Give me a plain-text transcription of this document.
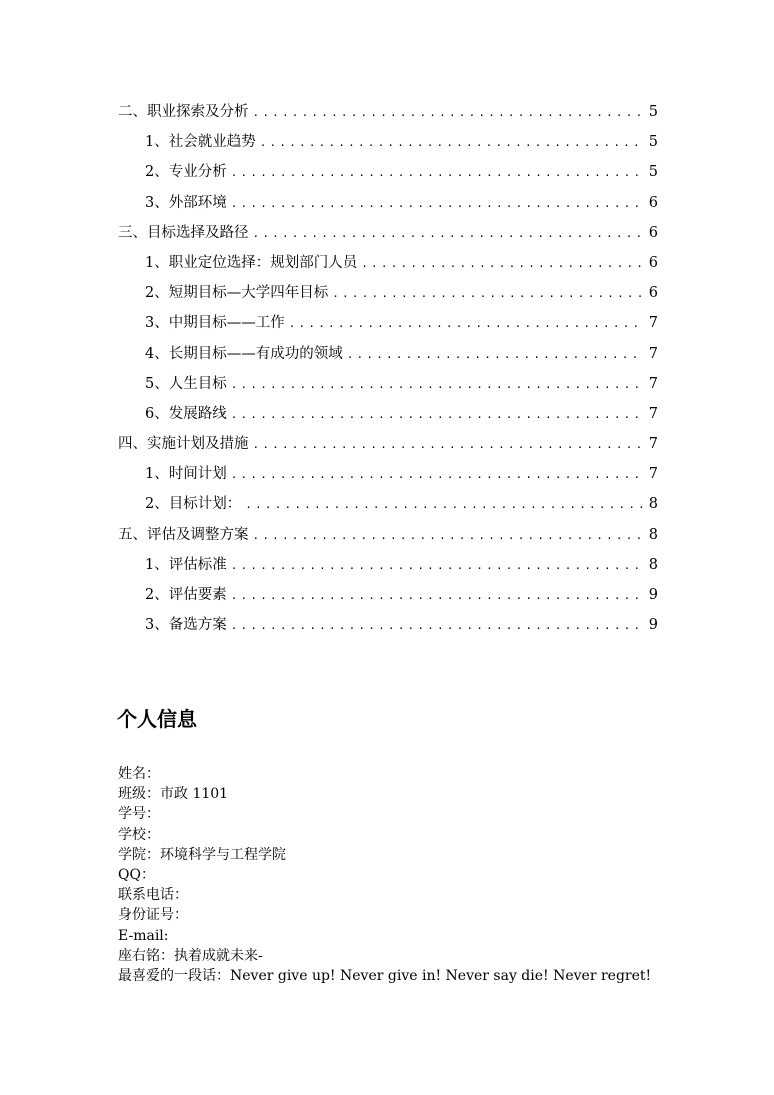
二、职业探索及分析 .....	5
1、社会就业趋势 .....	5
2、专业分析 .....	5
3、外部环境 .....	6
三、目标选择及路径 .....	6
1、职业定位选择：规划部门人员 .....	6
2、短期目标—大学四年目标 .....	6
3、中期目标——工作 .....	7
4、长期目标——有成功的领域 .....	7
5、人生目标 .....	7
6、发展路线 .....	7
四、实施计划及措施 .....	7
1、时间计划 .....	7
2、目标计划： .....	8
五、评估及调整方案 .....	8
1、评估标准 .....	8
2、评估要素 .....	9
3、备选方案 .....	9
个人信息
姓名：
班级：市政 1101
学号：
学校：
学院：环境科学与工程学院
QQ：
联系电话：
身份证号：
E-mail:
座右铭：执着成就未来-
最喜爱的一段话：Never give up! Never give in! Never say die! Never regret!
